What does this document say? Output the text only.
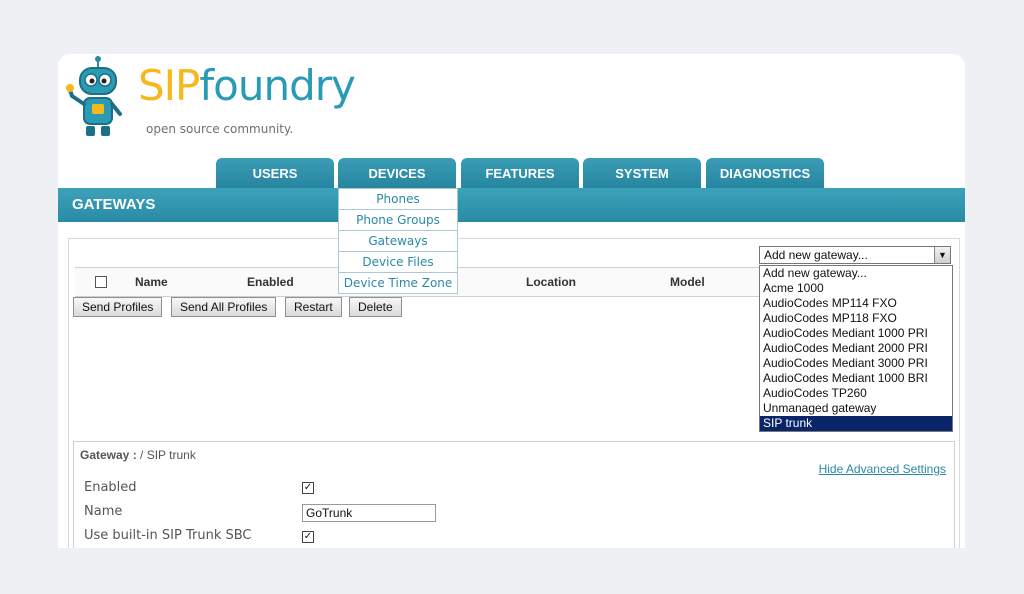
SIPfoundry
open source community.
USERS	DEVICES	FEATURES	SYSTEM	DIAGNOSTICS
GATEWAYS
Name	Enabled	Location	Model
Send Profiles	Send All Profiles	Restart	Delete
Gateway : / SIP trunk
Hide Advanced Settings
Enabled	✓
Name	GoTrunk
Use built-in SIP Trunk SBC	✓
Phones
Phone Groups
Gateways
Device Files
Device Time Zone
Add new gateway...	▼
Add new gateway...
Acme 1000
AudioCodes MP114 FXO
AudioCodes MP118 FXO
AudioCodes Mediant 1000 PRI
AudioCodes Mediant 2000 PRI
AudioCodes Mediant 3000 PRI
AudioCodes Mediant 1000 BRI
AudioCodes TP260
Unmanaged gateway
SIP trunk
